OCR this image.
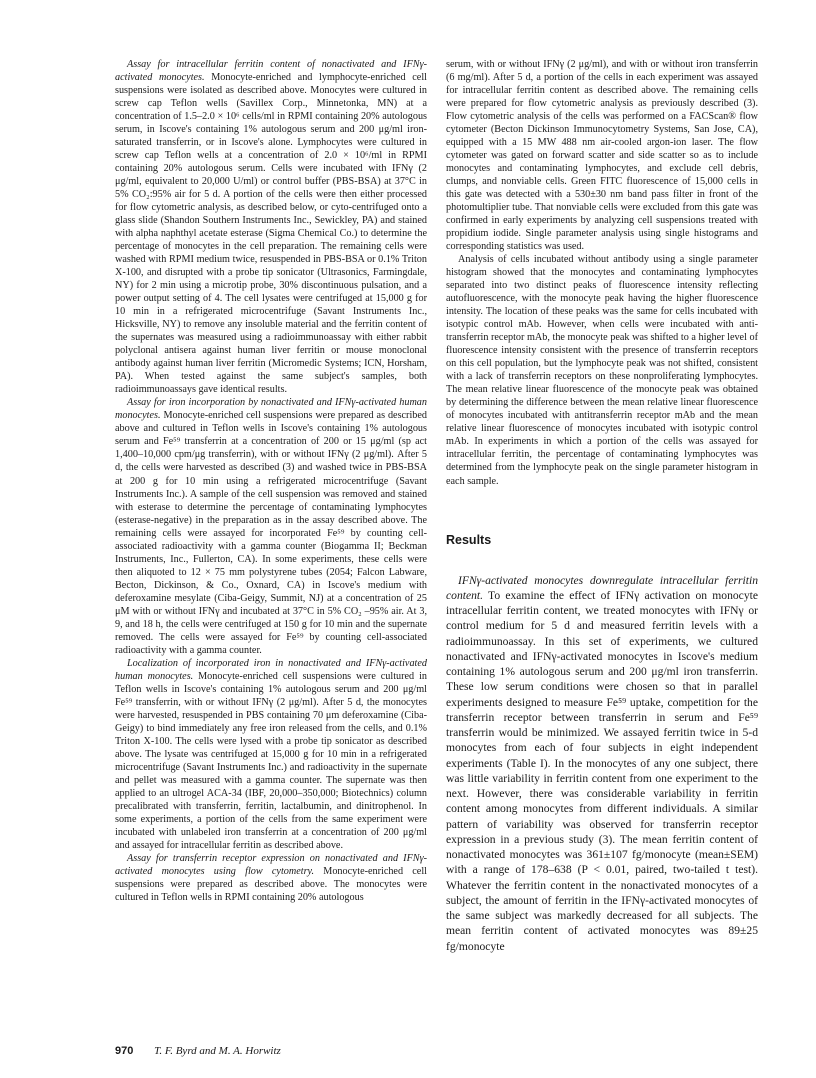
Assay for intracellular ferritin content of nonactivated and IFNγ-activated monocytes. Monocyte-enriched and lymphocyte-enriched cell suspensions were isolated as described above. Monocytes were cultured in screw cap Teflon wells (Savillex Corp., Minnetonka, MN) at a concentration of 1.5–2.0 × 10⁶ cells/ml in RPMI containing 20% autologous serum, in Iscove's containing 1% autologous serum and 200 μg/ml iron-saturated transferrin, or in Iscove's alone. Lymphocytes were cultured in screw cap Teflon wells at a concentration of 2.0 × 10⁶/ml in RPMI containing 20% autologous serum. Cells were incubated with IFNγ (2 μg/ml, equivalent to 20,000 U/ml) or control buffer (PBS-BSA) at 37°C in 5% CO₂:95% air for 5 d. A portion of the cells were then either processed for flow cytometric analysis, as described below, or cyto-centrifuged onto a glass slide (Shandon Southern Instruments Inc., Sewickley, PA) and stained with alpha naphthyl acetate esterase (Sigma Chemical Co.) to determine the percentage of monocytes in the cell preparation. The remaining cells were washed with RPMI medium twice, resuspended in PBS-BSA or 0.1% Triton X-100, and disrupted with a probe tip sonicator (Ultrasonics, Farmingdale, NY) for 2 min using a microtip probe, 30% discontinuous pulsation, and a power output setting of 4. The cell lysates were centrifuged at 15,000 g for 10 min in a refrigerated microcentrifuge (Savant Instruments Inc., Hicksville, NY) to remove any insoluble material and the ferritin content of the supernates was measured using a radioimmunoassay with either rabbit polyclonal antisera against human liver ferritin or mouse monoclonal antibody against human liver ferritin (Micromedic Systems; ICN, Horsham, PA). When tested against the same subject's samples, both radioimmunoassays gave identical results.

Assay for iron incorporation by nonactivated and IFNγ-activated human monocytes. Monocyte-enriched cell suspensions were prepared as described above and cultured in Teflon wells in Iscove's containing 1% autologous serum and Fe⁵⁹ transferrin at a concentration of 200 or 15 μg/ml (sp act 1,400–10,000 cpm/μg transferrin), with or without IFNγ (2 μg/ml). After 5 d, the cells were harvested as described (3) and washed twice in PBS-BSA at 200 g for 10 min using a refrigerated microcentrifuge (Savant Instruments Inc.). A sample of the cell suspension was removed and stained with esterase to determine the percentage of contaminating lymphocytes (esterase-negative) in the preparation as in the assay described above. The remaining cells were assayed for incorporated Fe⁵⁹ by counting cell-associated radioactivity with a gamma counter (Biogamma II; Beckman Instruments, Inc., Fullerton, CA). In some experiments, these cells were then aliquoted to 12 × 75 mm polystyrene tubes (2054; Falcon Labware, Becton, Dickinson, & Co., Oxnard, CA) in Iscove's medium with deferoxamine mesylate (Ciba-Geigy, Summit, NJ) at a concentration of 25 μM with or without IFNγ and incubated at 37°C in 5% CO₂ –95% air. At 3, 9, and 18 h, the cells were centrifuged at 150 g for 10 min and the supernate removed. The cells were assayed for Fe⁵⁹ by counting cell-associated radioactivity with a gamma counter.

Localization of incorporated iron in nonactivated and IFNγ-activated human monocytes. Monocyte-enriched cell suspensions were cultured in Teflon wells in Iscove's containing 1% autologous serum and 200 μg/ml Fe⁵⁹ transferrin, with or without IFNγ (2 μg/ml). After 5 d, the monocytes were harvested, resuspended in PBS containing 70 μm deferoxamine (Ciba-Geigy) to bind immediately any free iron released from the cells, and 0.1% Triton X-100. The cells were lysed with a probe tip sonicator as described above. The lysate was centrifuged at 15,000 g for 10 min in a refrigerated microcentrifuge (Savant Instruments Inc.) and radioactivity in the supernate and pellet was measured with a gamma counter. The supernate was then applied to an ultrogel ACA-34 (IBF, 20,000–350,000; Biotechnics) column precalibrated with transferrin, ferritin, lactalbumin, and dinitrophenol. In some experiments, a portion of the cells from the same experiment were incubated with unlabeled iron transferrin at a concentration of 200 μg/ml and assayed for intracellular ferritin as described above.

Assay for transferrin receptor expression on nonactivated and IFNγ-activated monocytes using flow cytometry. Monocyte-enriched cell suspensions were prepared as described above. The monocytes were cultured in Teflon wells in RPMI containing 20% autologous

serum, with or without IFNγ (2 μg/ml), and with or without iron transferrin (6 mg/ml). After 5 d, a portion of the cells in each experiment was assayed for intracellular ferritin content as described above. The remaining cells were prepared for flow cytometric analysis as previously described (3). Flow cytometric analysis of the cells was performed on a FACScan® flow cytometer (Becton Dickinson Immunocytometry Systems, San Jose, CA), equipped with a 15 MW 488 nm air-cooled argon-ion laser. The flow cytometer was gated on forward scatter and side scatter so as to include monocytes and contaminating lymphocytes, and exclude cell debris, clumps, and nonviable cells. Green FITC fluorescence of 15,000 cells in this gate was detected with a 530±30 nm band pass filter in front of the photomultiplier tube. That nonviable cells were excluded from this gate was confirmed in early experiments by analyzing cell suspensions treated with propidium iodide. Single parameter analysis using single histograms and corresponding statistics was used.

Analysis of cells incubated without antibody using a single parameter histogram showed that the monocytes and contaminating lymphocytes separated into two distinct peaks of fluorescence intensity reflecting autofluorescence, with the monocyte peak having the higher fluorescence intensity. The location of these peaks was the same for cells incubated with isotypic control mAb. However, when cells were incubated with anti-transferrin receptor mAb, the monocyte peak was shifted to a higher level of fluorescence intensity consistent with the presence of transferrin receptors on this cell population, but the lymphocyte peak was not shifted, consistent with a lack of transferrin receptors on these nonproliferating lymphocytes. The mean relative linear fluorescence of the monocyte peak was obtained by determining the difference between the mean relative linear fluorescence of monocytes incubated with antitransferrin receptor mAb and the mean relative linear fluorescence of monocytes incubated with isotypic control mAb. In experiments in which a portion of the cells was assayed for intracellular ferritin, the percentage of contaminating lymphocytes was determined from the lymphocyte peak on the single parameter histogram in each sample.

Results

IFNγ-activated monocytes downregulate intracellular ferritin content. To examine the effect of IFNγ activation on monocyte intracellular ferritin content, we treated monocytes with IFNγ or control medium for 5 d and measured ferritin levels with a radioimmunoassay. In this set of experiments, we cultured nonactivated and IFNγ-activated monocytes in Iscove's medium containing 1% autologous serum and 200 μg/ml iron transferrin. These low serum conditions were chosen so that in parallel experiments designed to measure Fe⁵⁹ uptake, competition for the transferrin receptor between transferrin in serum and Fe⁵⁹ transferrin would be minimized. We assayed ferritin twice in 5-d monocytes from each of four subjects in eight independent experiments (Table I). In the monocytes of any one subject, there was little variability in ferritin content from one experiment to the next. However, there was considerable variability in ferritin content among monocytes from different individuals. A similar pattern of variability was observed for transferrin receptor expression in a previous study (3). The mean ferritin content of nonactivated monocytes was 361±107 fg/monocyte (mean±SEM) with a range of 178–638 (P < 0.01, paired, two-tailed t test). Whatever the ferritin content in the nonactivated monocytes of a subject, the amount of ferritin in the IFNγ-activated monocytes of the same subject was markedly decreased for all subjects. The mean ferritin content of activated monocytes was 89±25 fg/monocyte

970 T. F. Byrd and M. A. Horwitz
